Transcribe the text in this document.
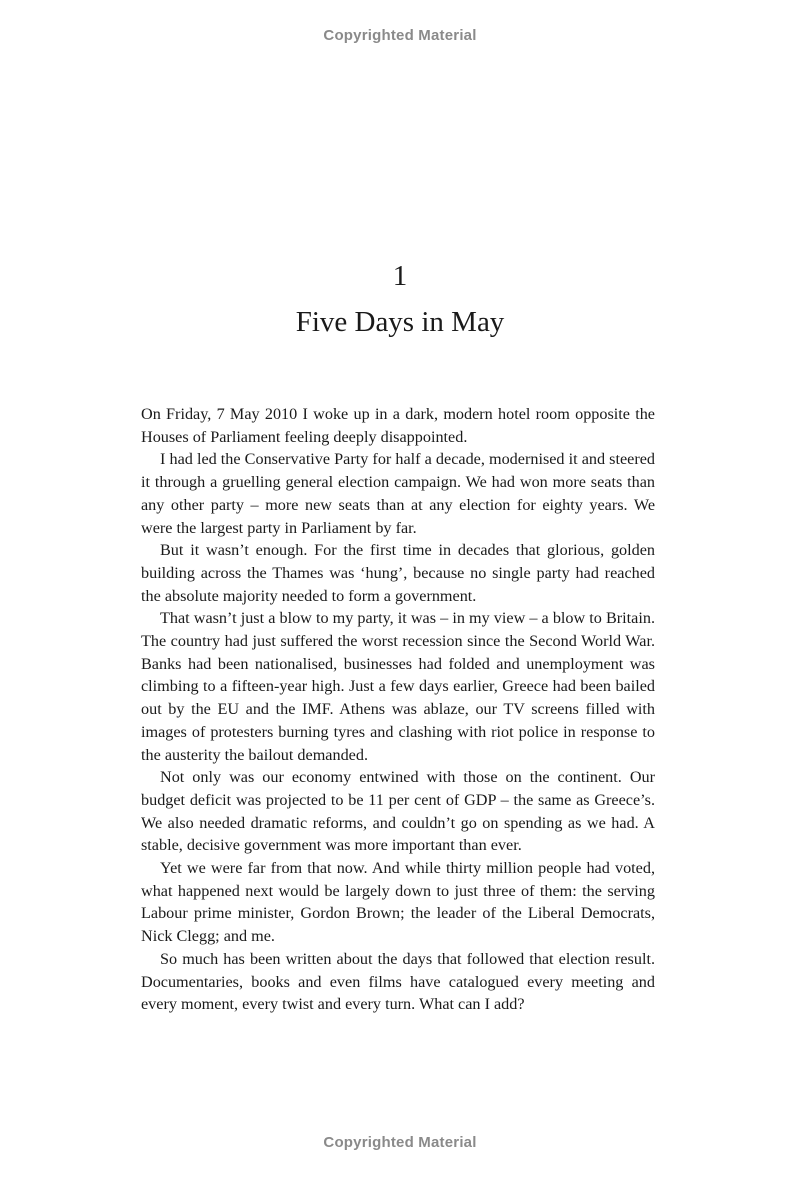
Copyrighted Material
1
Five Days in May

On Friday, 7 May 2010 I woke up in a dark, modern hotel room opposite the Houses of Parliament feeling deeply disappointed.

I had led the Conservative Party for half a decade, modernised it and steered it through a gruelling general election campaign. We had won more seats than any other party – more new seats than at any election for eighty years. We were the largest party in Parliament by far.

But it wasn’t enough. For the first time in decades that glorious, golden building across the Thames was ‘hung’, because no single party had reached the absolute majority needed to form a government.

That wasn’t just a blow to my party, it was – in my view – a blow to Britain. The country had just suffered the worst recession since the Second World War. Banks had been nationalised, businesses had folded and unemployment was climbing to a fifteen-year high. Just a few days earlier, Greece had been bailed out by the EU and the IMF. Athens was ablaze, our TV screens filled with images of protesters burning tyres and clashing with riot police in response to the austerity the bailout demanded.

Not only was our economy entwined with those on the continent. Our budget deficit was projected to be 11 per cent of GDP – the same as Greece’s. We also needed dramatic reforms, and couldn’t go on spending as we had. A stable, decisive government was more important than ever.

Yet we were far from that now. And while thirty million people had voted, what happened next would be largely down to just three of them: the serving Labour prime minister, Gordon Brown; the leader of the Liberal Democrats, Nick Clegg; and me.

So much has been written about the days that followed that election result. Documentaries, books and even films have catalogued every meeting and every moment, every twist and every turn. What can I add?

Copyrighted Material
